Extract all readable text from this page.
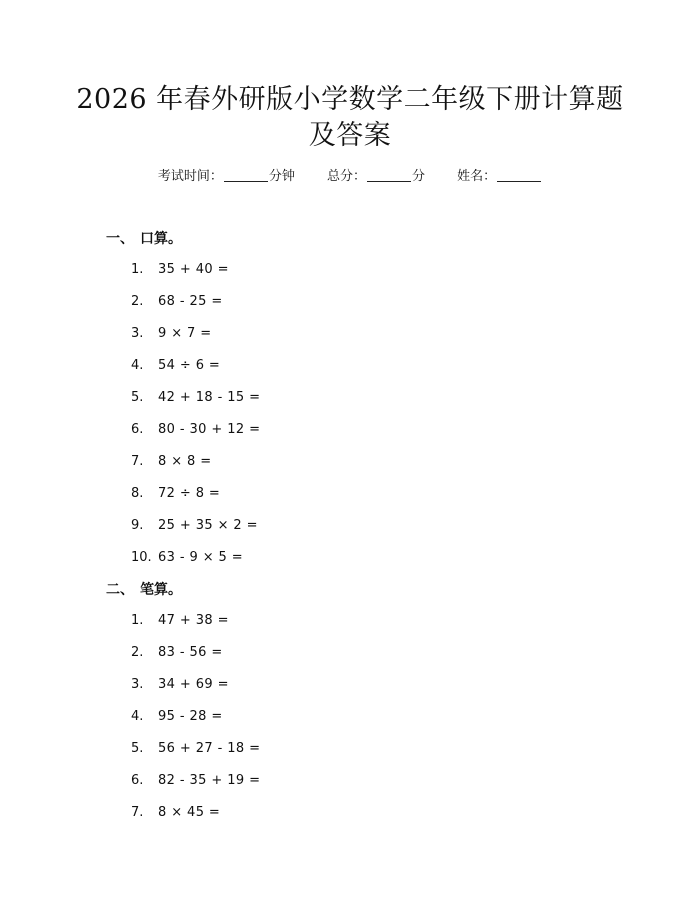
2026 年春外研版小学数学二年级下册计算题
及答案
考试时间：	分钟 总分：	分 姓名：
一、 口算。
1. 35 + 40 =
2. 68 - 25 =
3. 9 × 7 =
4. 54 ÷ 6 =
5. 42 + 18 - 15 =
6. 80 - 30 + 12 =
7. 8 × 8 =
8. 72 ÷ 8 =
9. 25 + 35 × 2 =
10. 63 - 9 × 5 =
二、 笔算。
1. 47 + 38 =
2. 83 - 56 =
3. 34 + 69 =
4. 95 - 28 =
5. 56 + 27 - 18 =
6. 82 - 35 + 19 =
7. 8 × 45 =
